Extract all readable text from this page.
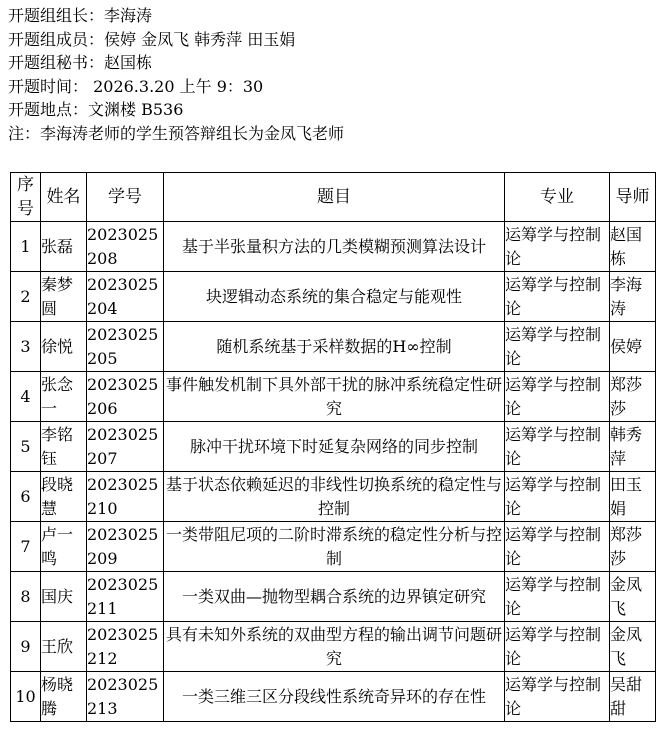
开题组组长：李海涛
开题组成员：侯婷 金凤飞 韩秀萍 田玉娟
开题组秘书：赵国栋
开题时间： 2026.3.20 上午 9：30
开题地点：文渊楼 B536
注：李海涛老师的学生预答辩组长为金凤飞老师
序号	姓名	学号	题目	专业	导师
1	张磊	2023025208	基于半张量积方法的几类模糊预测算法设计	运筹学与控制论	赵国栋
2	秦梦圆	2023025204	块逻辑动态系统的集合稳定与能观性	运筹学与控制论	李海涛
3	徐悦	2023025205	随机系统基于采样数据的H∞控制	运筹学与控制论	侯婷
4	张念一	2023025206	事件触发机制下具外部干扰的脉冲系统稳定性研究	运筹学与控制论	郑莎莎
5	李铭钰	2023025207	脉冲干扰环境下时延复杂网络的同步控制	运筹学与控制论	韩秀萍
6	段晓慧	2023025210	基于状态依赖延迟的非线性切换系统的稳定性与控制	运筹学与控制论	田玉娟
7	卢一鸣	2023025209	一类带阻尼项的二阶时滞系统的稳定性分析与控制	运筹学与控制论	郑莎莎
8	国庆	2023025211	一类双曲—抛物型耦合系统的边界镇定研究	运筹学与控制论	金凤飞
9	王欣	2023025212	具有未知外系统的双曲型方程的输出调节问题研究	运筹学与控制论	金凤飞
10	杨晓腾	2023025213	一类三维三区分段线性系统奇异环的存在性	运筹学与控制论	吴甜甜
